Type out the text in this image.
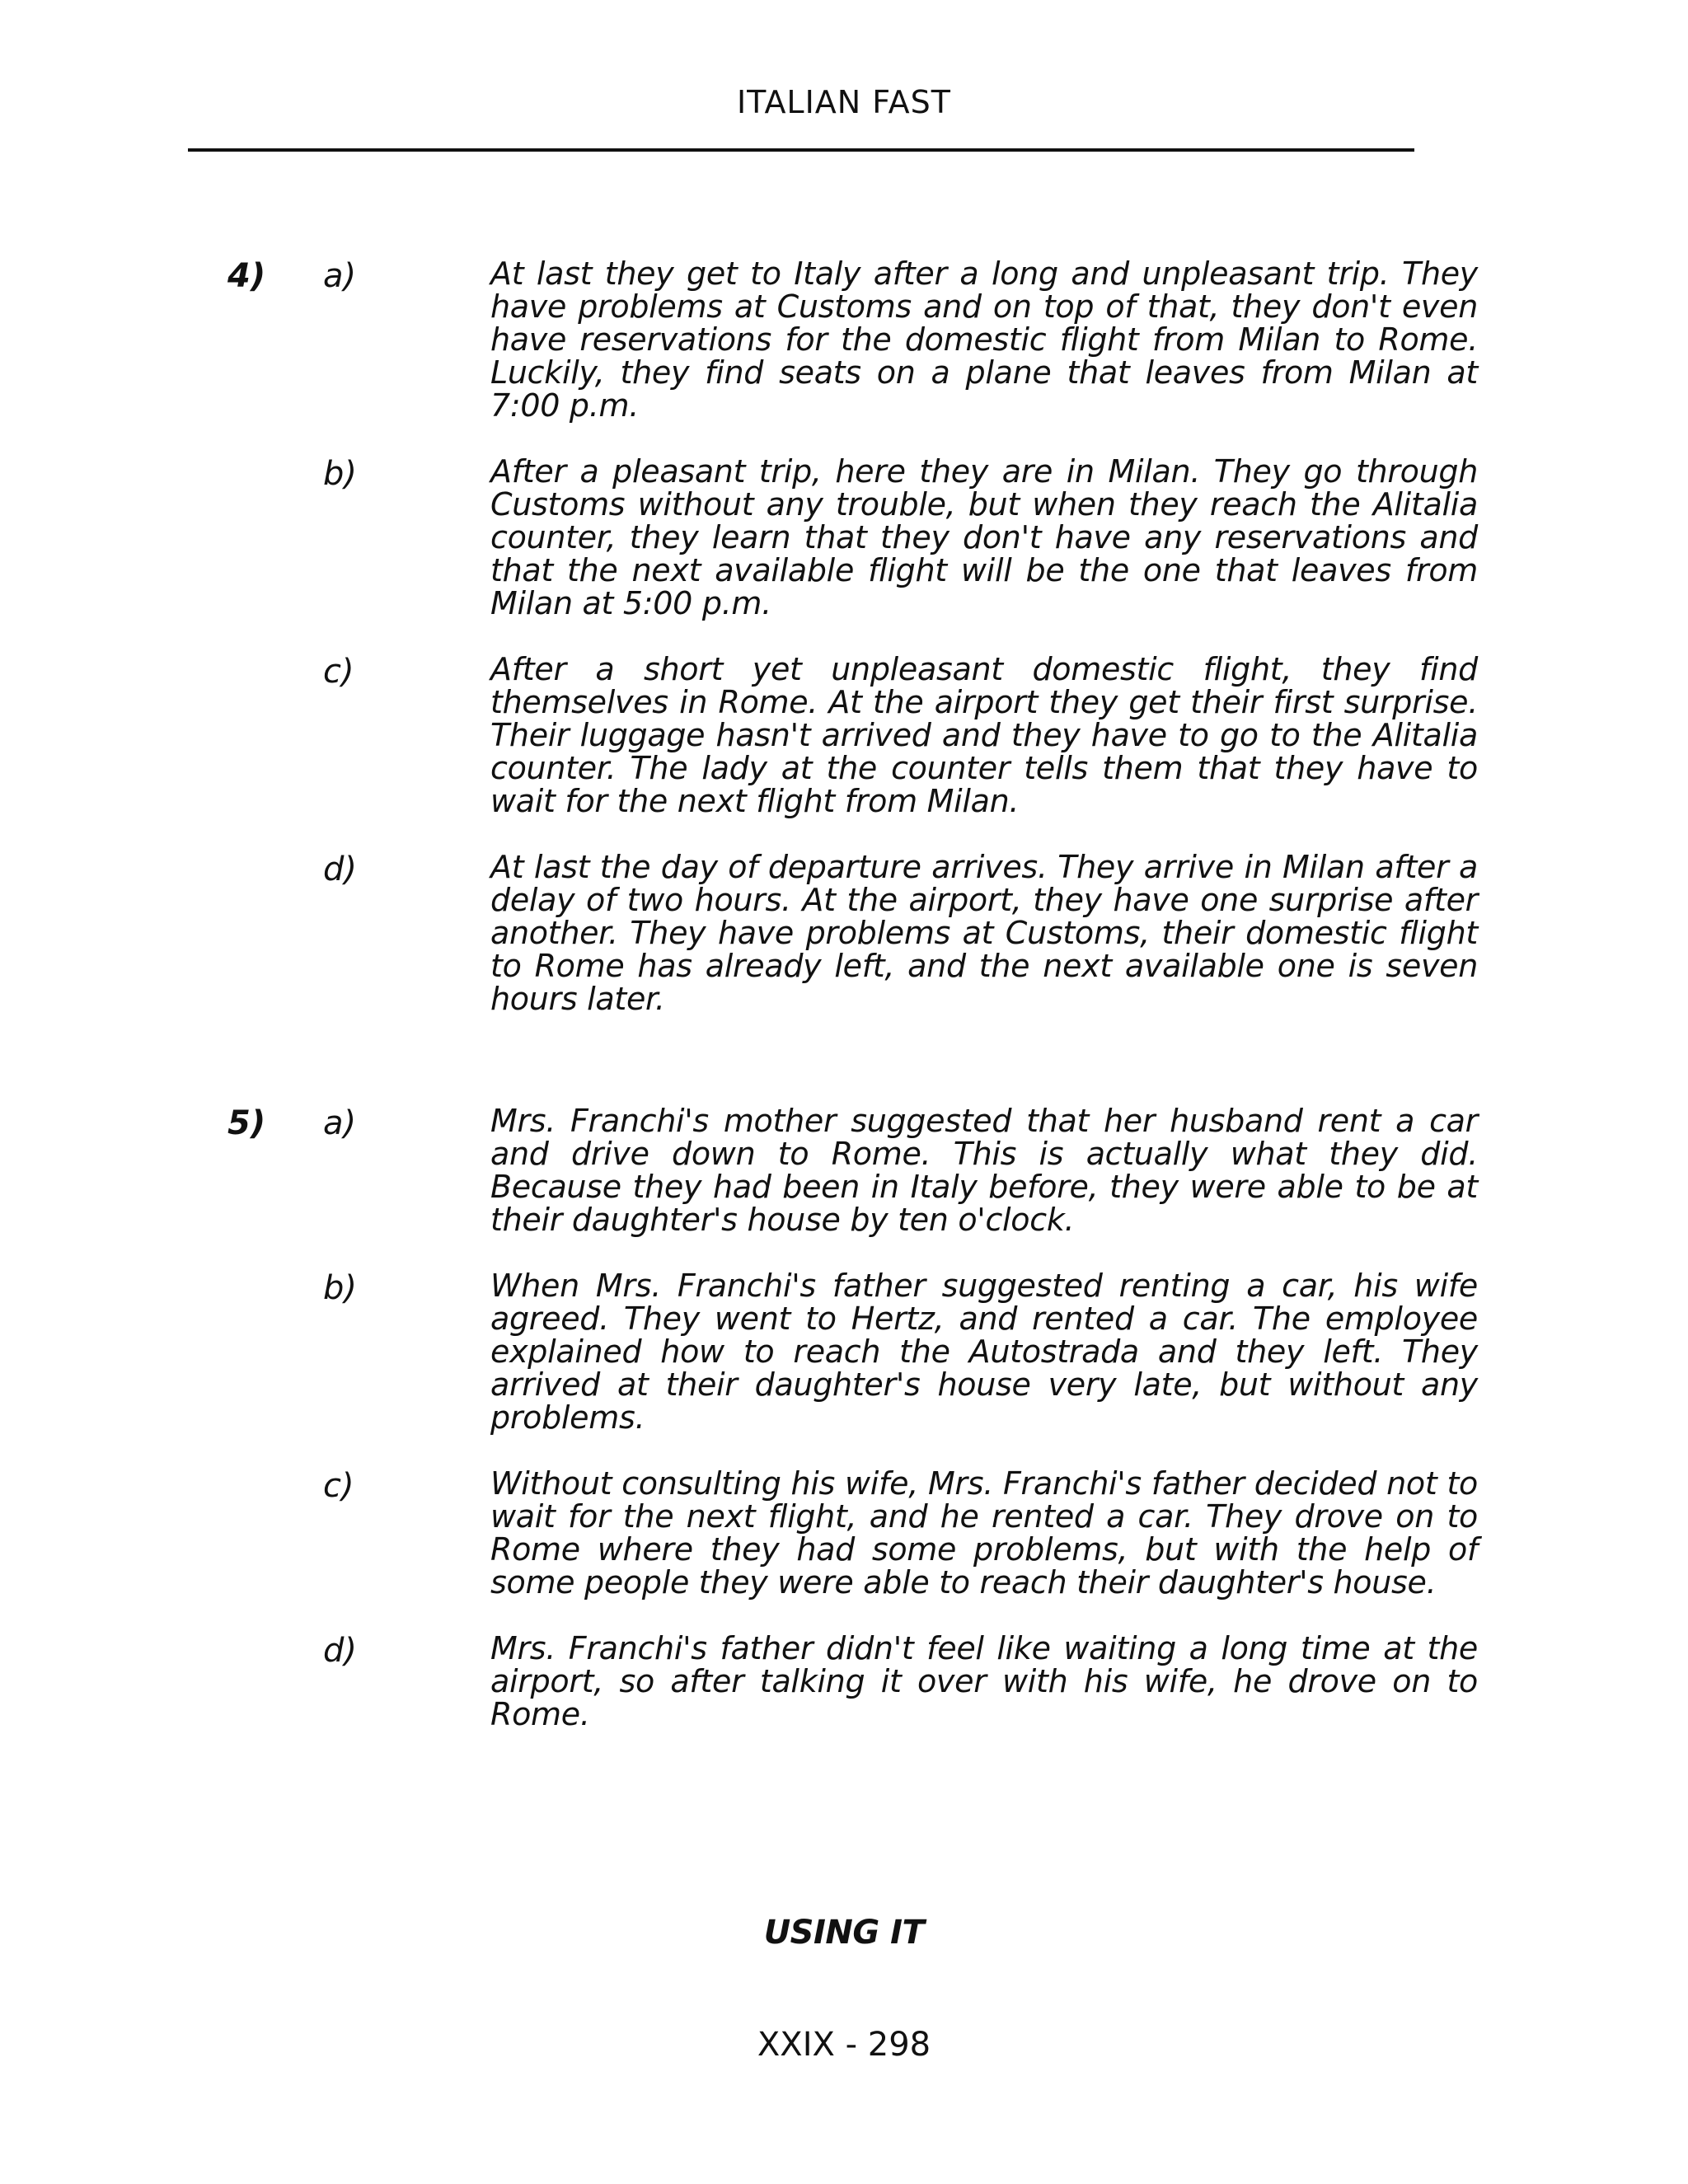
ITALIAN FAST
4) a)	At last they get to Italy after a long and unpleasant trip. They have problems at Customs and on top of that, they don't even have reservations for the domestic flight from Milan to Rome. Luckily, they find seats on a plane that leaves from Milan at 7:00 p.m.
b)	After a pleasant trip, here they are in Milan. They go through Customs without any trouble, but when they reach the Alitalia counter, they learn that they don't have any reservations and that the next available flight will be the one that leaves from Milan at 5:00 p.m.
c)	After a short yet unpleasant domestic flight, they find themselves in Rome. At the airport they get their first surprise. Their luggage hasn't arrived and they have to go to the Alitalia counter. The lady at the counter tells them that they have to wait for the next flight from Milan.
d)	At last the day of departure arrives. They arrive in Milan after a delay of two hours. At the airport, they have one surprise after another. They have problems at Customs, their domestic flight to Rome has already left, and the next available one is seven hours later.
5) a)	Mrs. Franchi's mother suggested that her husband rent a car and drive down to Rome. This is actually what they did. Because they had been in Italy before, they were able to be at their daughter's house by ten o'clock.
b)	When Mrs. Franchi's father suggested renting a car, his wife agreed. They went to Hertz, and rented a car. The employee explained how to reach the Autostrada and they left. They arrived at their daughter's house very late, but without any problems.
c)	Without consulting his wife, Mrs. Franchi's father decided not to wait for the next flight, and he rented a car. They drove on to Rome where they had some problems, but with the help of some people they were able to reach their daughter's house.
d)	Mrs. Franchi's father didn't feel like waiting a long time at the airport, so after talking it over with his wife, he drove on to Rome.
USING IT
XXIX - 298
